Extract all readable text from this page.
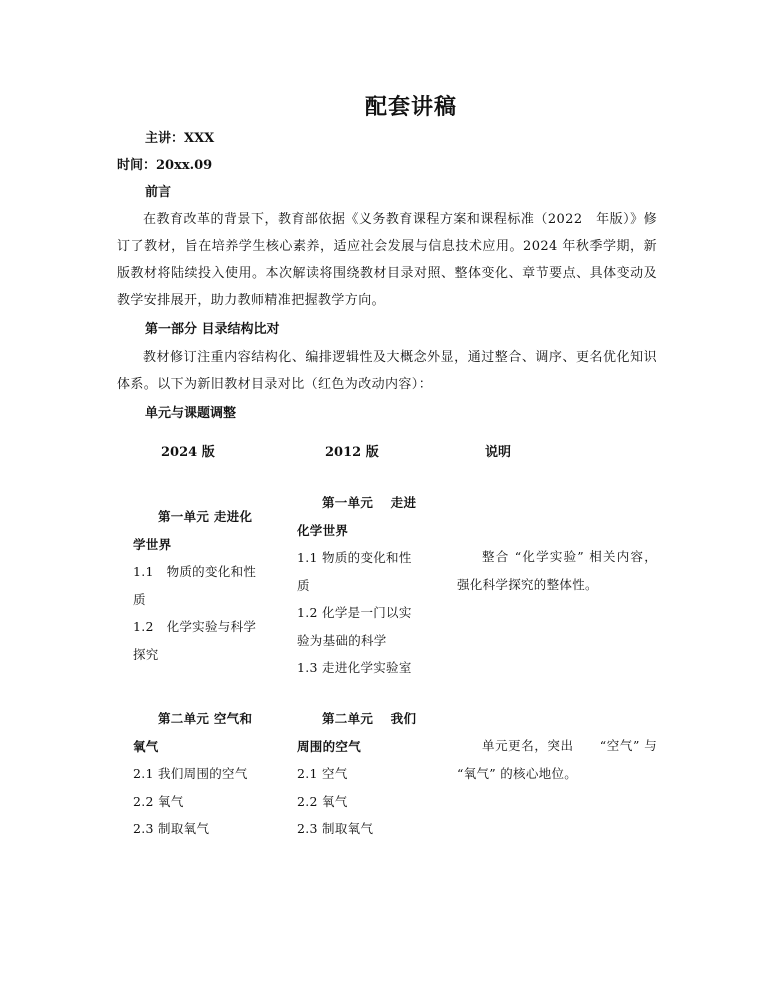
配套讲稿
主讲：XXX
时间：20xx.09
前言
在教育改革的背景下，教育部依据《义务教育课程方案和课程标准（2022　年版）》修订了教材，旨在培养学生核心素养，适应社会发展与信息技术应用。2024 年秋季学期，新版教材将陆续投入使用。本次解读将围绕教材目录对照、整体变化、章节要点、具体变动及教学安排展开，助力教师精准把握教学方向。
第一部分 目录结构比对
教材修订注重内容结构化、编排逻辑性及大概念外显，通过整合、调序、更名优化知识体系。以下为新旧教材目录对比（红色为改动内容）：
单元与课题调整
2024 版	2012 版	说明
第一单元 走进化学世界
1.1　物质的变化和性质
1.2　化学实验与科学探究
第一单元　 走进化学世界
1.1 物质的变化和性质
1.2 化学是一门以实验为基础的科学
1.3 走进化学实验室
整合 “化学实验” 相关内容，强化科学探究的整体性。
第二单元 空气和氧气
2.1 我们周围的空气
2.2 氧气
2.3 制取氧气
第二单元　 我们周围的空气
2.1 空气
2.2 氧气
2.3 制取氧气
单元更名，突出　　“空气” 与 “氧气” 的核心地位。
